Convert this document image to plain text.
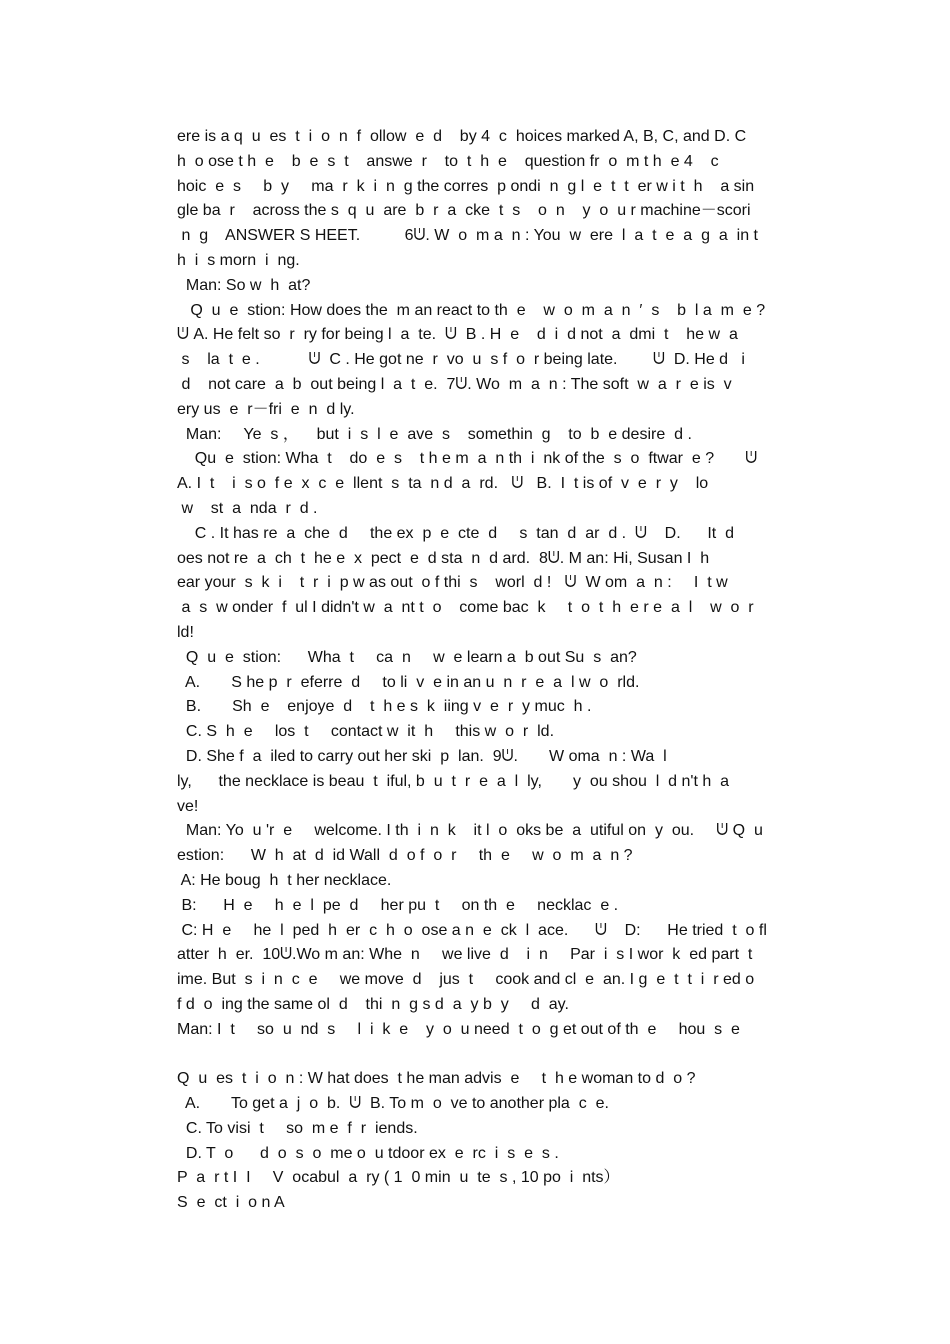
ere is a q  u  es  t  i  o  n  f  ollow  e  d    by 4  c  hoices marked A, B, C, and D. C
h  o ose t h  e    b  e  s  t    answe  r    to  t  h  e    question fr  o  m t h  e 4    c
hoic  e  s     b  y     ma  r  k  i  n  g the corres  p ondi  n  g l  e  t  t  er w i t  h    a sin
gle ba  r    across the s  q  u  are  b  r  a  cke  t  s    o  n    y  o  u r machine－scori
n  g    ANSWER S HEET.          6ᕫ. W  o  m a  n : You  w  ere  l  a  t  e  a  g  a  in t
h  i  s morn  i  ng.
Man: So w  h  at?
Q  u  e  stion: How does the  m an react to th  e    w  o  m  a  n  ′  s    b  l a  m  e ?
ᕫ A. He felt so  r  ry for being l  a  te.  ᕫ  B . H  e    d  i  d not  a  dmi  t    he w  a
s    la  t  e .           ᕫ  C . He got ne  r  vo  u  s f  o  r being late.        ᕫ  D. He d   i
d    not care  a  b  out being l  a  t  e.  7ᕫ. Wo  m  a  n : The soft  w  a  r  e is  v
ery us  e  r－fri  e  n  d ly.
Man:     Ye  s ，    but  i  s  l  e  ave  s    somethin  g    to  b  e desire  d .
Qu  e  stion: Wha  t    do  e  s    t h e m  a  n th  i  nk of the  s  o  ftwar  e ?       ᕫ
A. I  t    i  s o  f e  x  c  e  llent  s  ta  n d  a  rd.   ᕫ   B.  I  t is of  v  e  r  y    lo
w    st  a  nda  r  d .
C . It has re  a  che  d     the ex  p  e  cte  d     s  tan  d  ar  d .  ᕫ    D.      It  d
oes not re  a  ch  t  he e  x  pect  e  d sta  n  d ard.  8ᕫ. M an: Hi, Susan I  h
ear your  s  k  i    t  r  i  p w as out  o f thi  s    worl  d !   ᕫ  W om  a  n :     I  t w
a  s  w onder  f  ul I didn't w  a  nt t  o    come bac  k     t  o  t  h  e r e  a  l    w  o  r
ld!
Q  u  e  stion:      Wha  t     ca  n     w  e learn a  b out Su  s  an?
A.       S he p  r  eferre  d     to li  v  e in an u  n  r  e  a  l w  o  rld.
B.       Sh  e    enjoye  d    t  h e s  k  iing v  e  r  y muc  h .
C. S  h  e     los  t     contact w  it  h     this w  o  r  ld.
D. She f  a  iled to carry out her ski  p  lan.  9ᕫ.       W oma  n : Wa  l
ly,      the necklace is beau  t  iful, b  u  t  r  e  a  l  ly,       y  ou shou  l  d n't h  a
ve!
Man: Yo  u 'r  e     welcome. I th  i  n  k    it l  o  oks be  a  utiful on  y  ou.     ᕫ Q  u
estion:      W  h  at  d  id Wall  d  o f  o  r     th  e     w  o  m  a  n ?
A: He boug  h  t her necklace.
B:      H  e     h  e  l  pe  d     her pu  t     on th  e     necklac  e .
C: H  e     he  l  ped  h  er  c  h  o  ose a n  e  ck  l  ace.      ᕫ    D:      He tried  t  o fl
atter  h  er.  10ᕫ.Wo m an: Whe  n     we live  d    i  n     Par  i  s I wor  k  ed part  t
ime. But  s  i  n  c  e     we move  d    jus  t     cook and cl  e  an. I g  e  t  t  i  r ed o
f d  o  ing the same ol  d    thi  n  g s d  a  y b  y     d  ay.
Man: I  t     so  u  nd  s     l  i  k  e    y  o  u need  t  o  g et out of th  e     hou  s  e
Q  u  es  t  i  o  n : W hat does  t he man advis  e     t  h e woman to d  o ?
A.       To get a  j  o  b.  ᕫ  B. To m  o  ve to another pla  c  e.
C. To visi  t     so  m e  f  r  iends.
D. T  o      d  o  s  o  me o  u tdoor ex  e  rc  i  s  e  s .
P  a  r t I  I     V  ocabul  a  ry ( 1  0 min  u  te  s , 10 po  i  nts）
S  e  ct  i  o n A
